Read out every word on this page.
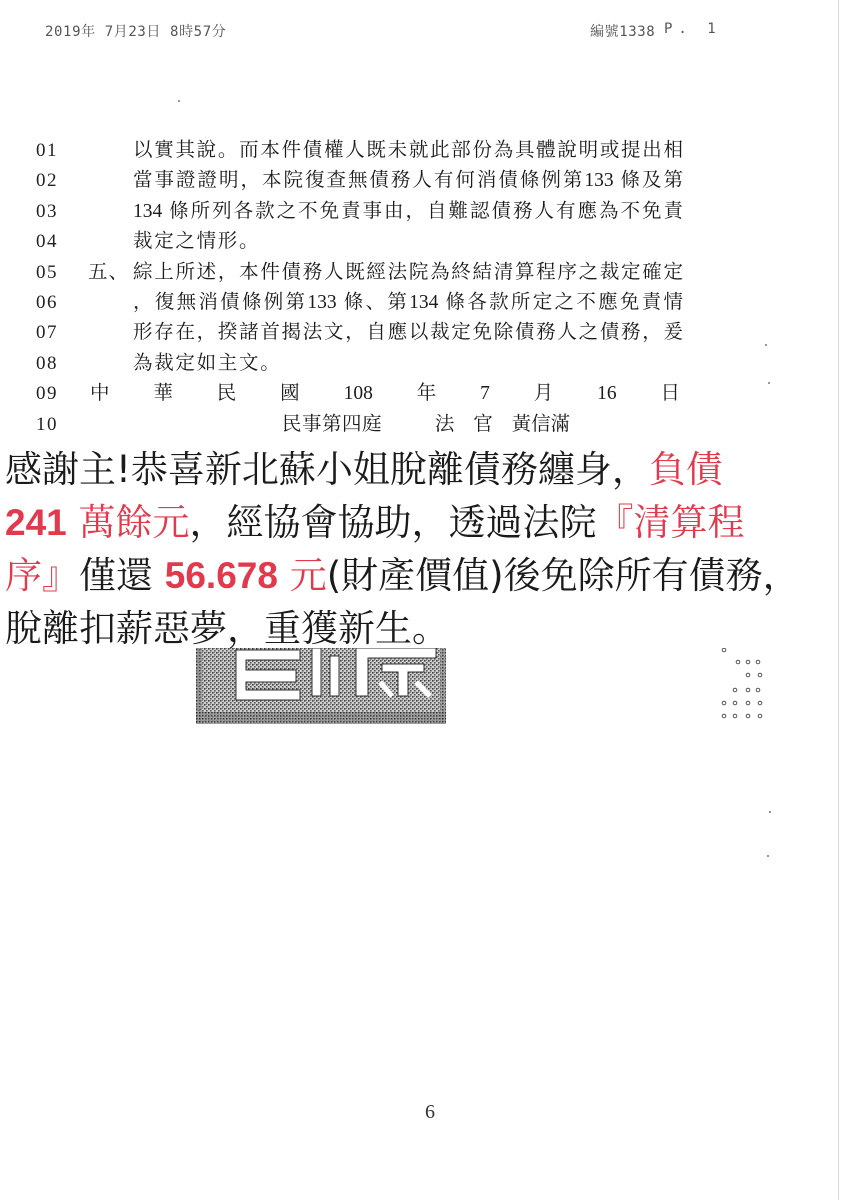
2019年 7月23日 8時57分	編號1338 P. 1
01	以實其說。而本件債權人既未就此部份為具體說明或提出相
02	當事證證明，本院復查無債務人有何消債條例第133 條及第
03	134 條所列各款之不免責事由，自難認債務人有應為不免責
04	裁定之情形。
05 五、 綜上所述，本件債務人既經法院為終結清算程序之裁定確定
06	，復無消債條例第133 條、第134 條各款所定之不應免責情
07	形存在，揆諸首揭法文，自應以裁定免除債務人之債務，爰
08	為裁定如主文。
09 中 華 民 國 108 年 7 月 16 日
10	民事第四庭	法 官 黃信滿
感謝主!恭喜新北蘇小姐脫離債務纏身，負債
241 萬餘元，經協會協助，透過法院『清算程
序』僅還 56.678 元(財產價值)後免除所有債務，
脫離扣薪惡夢，重獲新生。
6
